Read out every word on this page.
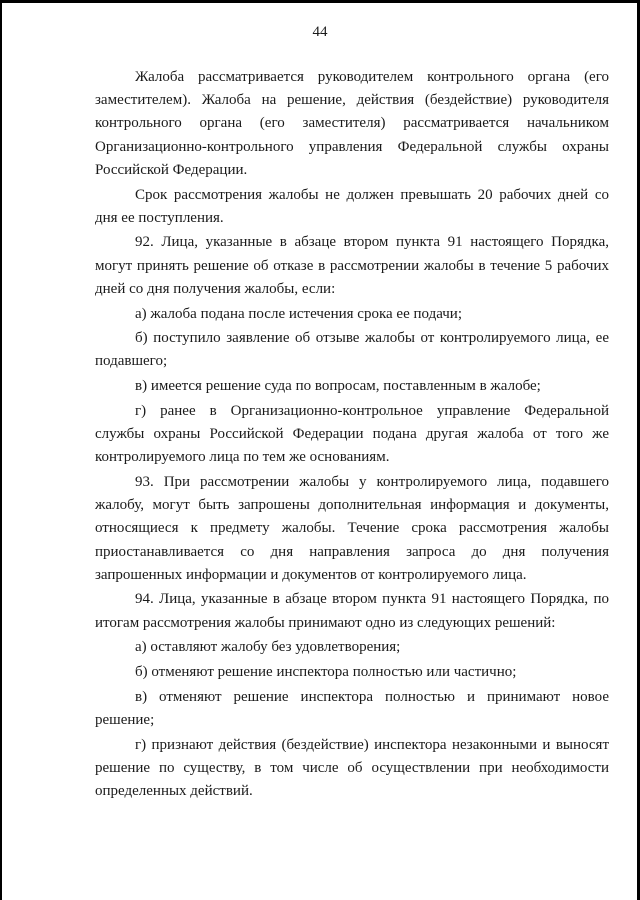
44

Жалоба рассматривается руководителем контрольного органа (его заместителем). Жалоба на решение, действия (бездействие) руководителя контрольного органа (его заместителя) рассматривается начальником Организационно-контрольного управления Федеральной службы охраны Российской Федерации.

Срок рассмотрения жалобы не должен превышать 20 рабочих дней со дня ее поступления.

92. Лица, указанные в абзаце втором пункта 91 настоящего Порядка, могут принять решение об отказе в рассмотрении жалобы в течение 5 рабочих дней со дня получения жалобы, если:

а) жалоба подана после истечения срока ее подачи;

б) поступило заявление об отзыве жалобы от контролируемого лица, ее подавшего;

в) имеется решение суда по вопросам, поставленным в жалобе;

г) ранее в Организационно-контрольное управление Федеральной службы охраны Российской Федерации подана другая жалоба от того же контролируемого лица по тем же основаниям.

93. При рассмотрении жалобы у контролируемого лица, подавшего жалобу, могут быть запрошены дополнительная информация и документы, относящиеся к предмету жалобы. Течение срока рассмотрения жалобы приостанавливается со дня направления запроса до дня получения запрошенных информации и документов от контролируемого лица.

94. Лица, указанные в абзаце втором пункта 91 настоящего Порядка, по итогам рассмотрения жалобы принимают одно из следующих решений:

а) оставляют жалобу без удовлетворения;

б) отменяют решение инспектора полностью или частично;

в) отменяют решение инспектора полностью и принимают новое решение;

г) признают действия (бездействие) инспектора незаконными и выносят решение по существу, в том числе об осуществлении при необходимости определенных действий.
